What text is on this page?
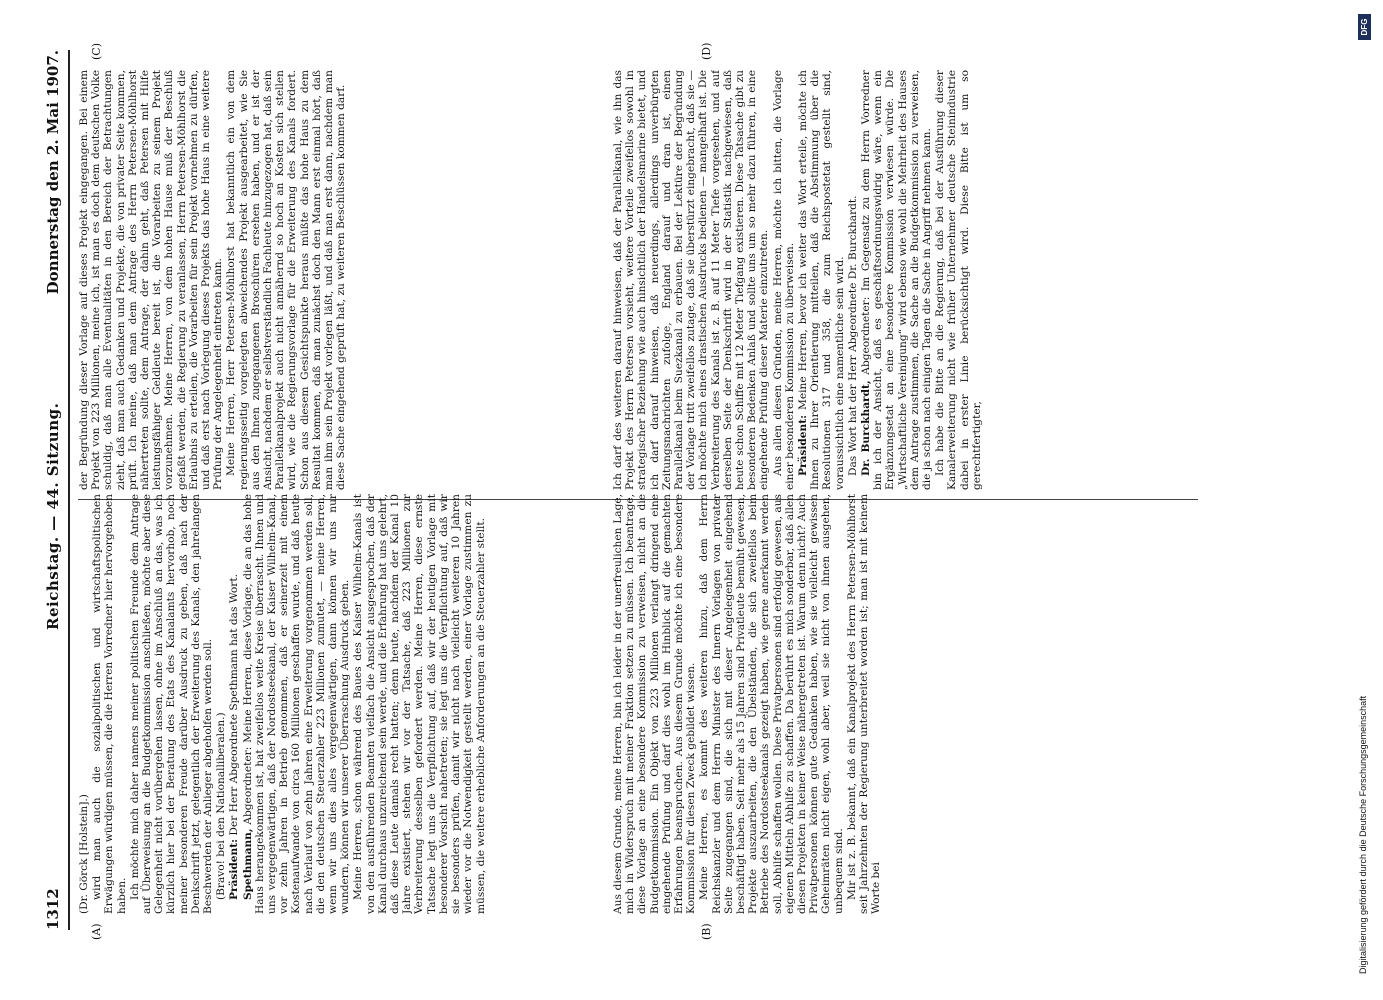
1312
Reichstag. — 44. Sitzung.
Donnerstag den 2. Mai 1907.
(A)	(B)
(C)	(D)

(Dr. Görck [Holstein].) wird man auch die sozialpolitischen und wirtschaftspolitischen Erwägungen würdigen müssen, die die Herren Vorredner hier hervorgehoben haben. Ich möchte mich daher namens meiner politischen Freunde dem Antrage auf Überweisung an die Budgetkommission anschließen, möchte aber diese Gelegenheit nicht vorübergehen lassen, ohne im Anschluß an das, was ich kürzlich hier bei der Beratung des Etats des Kanalamts hervorhob, noch meiner besonderen Freude darüber Ausdruck zu geben, daß nach der Denkschrift jetzt, gelegentlich der Erweiterung des Kanals, den jahrelangen Beschwerden der Anlieger abgeholfen werden soll. (Bravo! bei den Nationalliberalen.) Präsident: Der Herr Abgeordnete Spethmann hat das Wort.

Spethmann, Abgeordneter: Meine Herren, diese Vorlage, die an das hohe Haus herangekommen ist, hat zweifellos weite Kreise überrascht. Ihnen und uns vergegenwärtigen, daß der Nordostseekanal, der Kaiser Wilhelm-Kanal, vor zehn Jahren in Betrieb genommen, daß er seinerzeit mit einem Kostenaufwande von circa 160 Millionen geschaffen wurde, und daß heute nach Verlauf von zehn Jahren eine Erweiterung vorgenommen werden soll, die den deutschen Steuerzahler 223 Millionen zumutet, — meine Herren, wenn wir uns dies alles vergegenwärtigen, dann können wir uns nur wundern, können wir unserer Überraschung Ausdruck geben. Meine Herren, schon während des Baues des Kaiser Wilhelm-Kanals ist von den ausführenden Beamten vielfach die Ansicht ausgesprochen, daß der Kanal durchaus unzureichend sein werde, und die Erfahrung hat uns gelehrt, daß diese Leute damals recht hatten; denn heute, nachdem der Kanal 10 Jahre existiert, stehen wir vor der Tatsache, daß 223 Millionen zur Verbreiterung desselben gefordert werden. Meine Herren, diese ernste Tatsache legt uns die Verpflichtung auf, daß wir der heutigen Vorlage mit besonderer Vorsicht nahetreten; sie legt uns die Verpflichtung auf, daß wir sie besonders prüfen, damit wir nicht nach vielleicht weiteren 10 Jahren wieder vor die Notwendigkeit gestellt werden, einer Vorlage zustimmen zu müssen, die weitere erhebliche Anforderungen an die Steuerzahler stellt.	Aus diesem Grunde, meine Herren, bin ich leider in der unerfreulichen Lage, mich in Widerspruch mit meiner Fraktion setzen zu müssen. Ich beantrage, diese Vorlage an eine besondere Kommission zu verweisen, nicht an die Budgetkommission. Ein Objekt von 223 Millionen verlangt dringend eine eingehende Prüfung und darf dies wohl im Hinblick auf die gemachten Erfahrungen beanspruchen. Aus diesem Grunde möchte ich eine besondere Kommission für diesen Zweck gebildet wissen. Meine Herren, es kommt des weiteren hinzu, daß dem Herrn Reichskanzler und dem Herrn Minister des Innern Vorlagen von privater Seite zugegangen sind, die sich mit dieser Angelegenheit eingehend beschäftigt haben. Seit mehr als 15 Jahren sind Privatleute bemüht gewesen, Projekte auszuarbeiten, die den Übelständen, die sich zweifellos beim Betriebe des Nordostseekanals gezeigt haben, wie gerne anerkannt werden soll, Abhilfe schaffen wollen. Diese Privatpersonen sind erfolgig gewesen, aus eigenen Mitteln Abhilfe zu schaffen. Da berührt es mich sonderbar, daß allen diesen Projekten in keiner Weise nähergetreten ist. Warum denn nicht? Auch Privatpersonen können gute Gedanken haben, wie sie vielleicht gewissen Geheimräten nicht eigen, wohl aber, weil sie nicht von ihnen ausgehen, unbequem sind. Mir ist z. B. bekannt, daß ein Kanalprojekt des Herrn Petersen-Möhlhorst seit Jahrzehnten der Regierung unterbreitet worden ist; man ist mit keinem Worte bei

der Begründung dieser Vorlage auf dieses Projekt eingegangen. Bei einem Projekt von 223 Millionen, meine ich, ist man es doch dem deutschen Volke schuldig, daß man alle Eventualitäten in den Bereich der Betrachtungen zieht, daß man auch Gedanken und Projekte, die von privater Seite kommen, prüft. Ich meine, daß man dem Antrage des Herrn Petersen-Möhlhorst nähertreten sollte, dem Antrage, der dahin geht, daß Petersen mit Hilfe leistungsfähiger Geldleute bereit ist, die Vorarbeiten zu seinem Projekt vorzunehmen. Meine Herren, von dem hohen Hause muß der Beschluß gefaßt werden, die Regierung zu veranlassen, Herrn Petersen-Möhlhorst die Erlaubnis zu erteilen, die Vorarbeiten für sein Projekt vornehmen zu dürfen, und daß erst nach Vorlegung dieses Projekts das hohe Haus in eine weitere Prüfung der Angelegenheit eintreten kann. Meine Herren, Herr Petersen-Möhlhorst hat bekanntlich ein von dem regierungsseitig vorgelegten abweichendes Projekt ausgearbeitet, wie Sie aus den Ihnen zugegangenen Broschüren ersehen haben, und er ist der Ansicht, nachdem er selbstverständlich Fachleute hinzugezogen hat, daß sein Parallelkanalprojekt auch nicht annähernd so hoch an Kosten sich stellen wird, wie die Regierungsvorlage für die Erweiterung des Kanals fordert. Schon aus diesem Gesichtspunkte heraus müßte das hohe Haus zu dem Resultat kommen, daß man zunächst doch den Mann erst einmal hört, daß man ihm sein Projekt vorlegen läßt, und daß man erst dann, nachdem man diese Sache eingehend geprüft hat, zu weiteren Beschlüssen kommen darf.	Ich darf des weiteren darauf hinweisen, daß der Parallelkanal, wie ihn das Projekt des Herrn Petersen vorsieht, weitere Vorteile zweifellos sowohl in strategischer Beziehung wie auch hinsichtlich der Handelsmarine bietet, und ich darf darauf hinweisen, daß neuerdings, allerdings unverbürgten Zeitungsnachrichten zufolge, England darauf und dran ist, einen Parallelkanal beim Suezkanal zu erbauen. Bei der Lektüre der Begründung der Vorlage tritt zweifellos zutage, daß sie überstürzt eingebracht, daß sie — ich möchte mich eines drastischen Ausdrucks bedienen — mangelhaft ist. Die Verbreiterung des Kanals ist z. B. auf 11 Meter Tiefe vorgesehen, und auf derselben Seite der Denkschrift wird in der Statistik nachgewiesen, daß heute schon Schiffe mit 12 Meter Tiefgang existieren. Diese Tatsache gibt zu besonderen Bedenken Anlaß und sollte uns um so mehr dazu führen, in eine eingehende Prüfung dieser Materie einzutreten. Aus allen diesen Gründen, meine Herren, möchte ich bitten, die Vorlage einer besonderen Kommission zu überweisen. Präsident: Meine Herren, bevor ich weiter das Wort erteile, möchte ich Ihnen zu Ihrer Orientierung mitteilen, daß die Abstimmung über die Resolutionen 317 und 358, die zum Reichspostetat gestellt sind, voraussichtlich eine namentliche sein wird. Das Wort hat der Herr Abgeordnete Dr. Burckhardt. Dr. Burckhardt, Abgeordneter: Im Gegensatz zu dem Herrn Vorredner bin ich der Ansicht, daß es geschäftsordnungswidrig wäre, wenn ein Ergänzungsetat an eine besondere Kommission verwiesen würde. Die „Wirtschaftliche Vereinigung“ wird ebenso wie wohl die Mehrheit des Hauses dem Antrage zustimmen, die Sache an die Budgetkommission zu verweisen, die ja schon nach einigen Tagen die Sache in Angriff nehmen kann. Ich habe die Bitte an die Regierung, daß bei der Ausführung dieser Kanalerweiterung nicht wie früher Unternehmer deutsche Steinindustrie dabei in erster Linie berücksichtigt wird. Diese Bitte ist um so gerechtfertigter,

Digitalisierung gefördert durch die Deutsche Forschungsgemeinschaft
DFG
